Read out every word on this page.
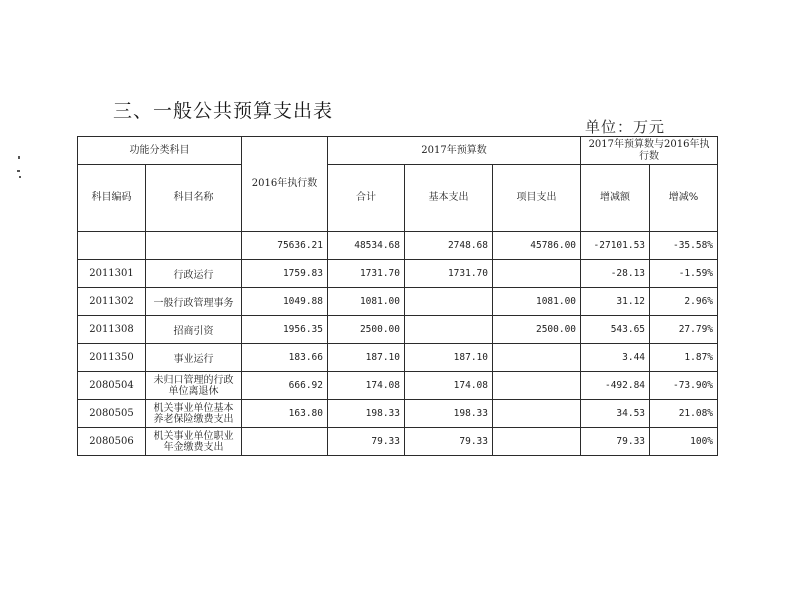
三、一般公共预算支出表
单位：万元
功能分类科目		2016年执行数	2017年预算数			2017年预算数与2016年执行数	
科目编码	科目名称		合计	基本支出	项目支出	增减额	增减%
		75636.21	48534.68	2748.68	45786.00	-27101.53	-35.58%
2011301	行政运行	1759.83	1731.70	1731.70		-28.13	-1.59%
2011302	一般行政管理事务	1049.88	1081.00		1081.00	31.12	2.96%
2011308	招商引资	1956.35	2500.00		2500.00	543.65	27.79%
2011350	事业运行	183.66	187.10	187.10		3.44	1.87%
2080504	未归口管理的行政单位离退休	666.92	174.08	174.08		-492.84	-73.90%
2080505	机关事业单位基本养老保险缴费支出	163.80	198.33	198.33		34.53	21.08%
2080506	机关事业单位职业年金缴费支出		79.33	79.33		79.33	100%
